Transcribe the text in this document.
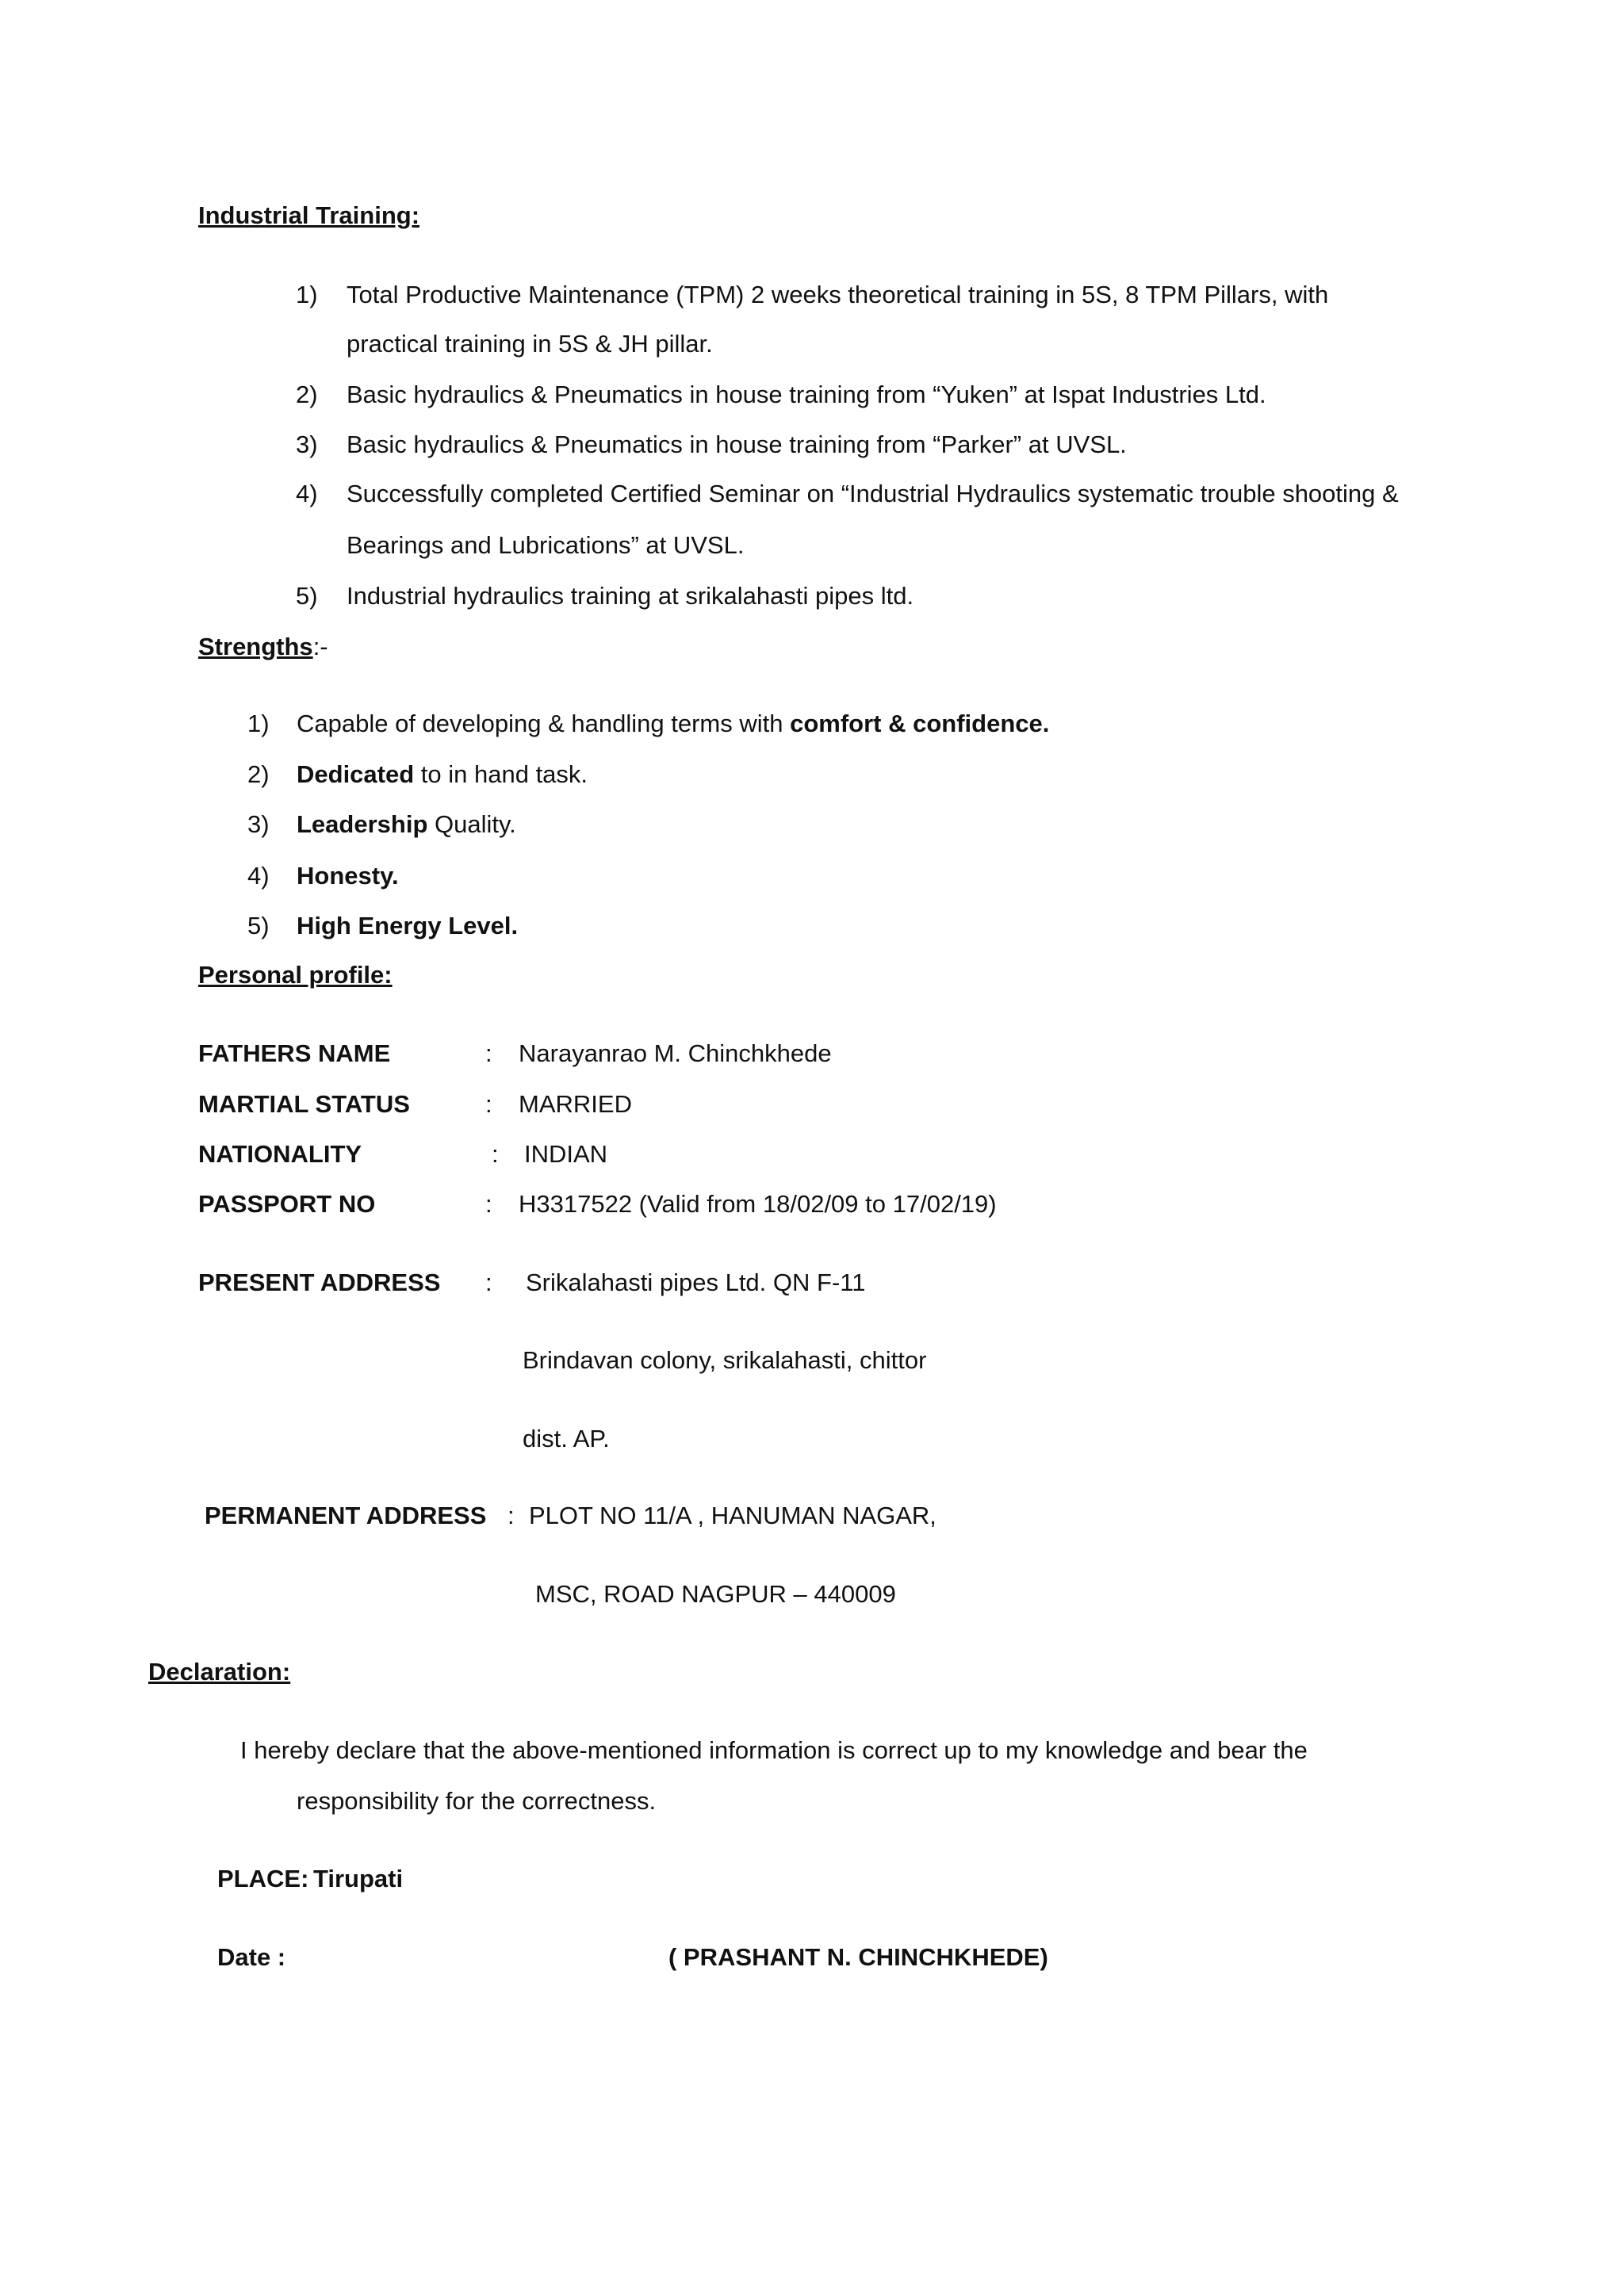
Industrial Training:
1) Total Productive Maintenance (TPM) 2 weeks theoretical training in 5S, 8 TPM Pillars, with
practical training in 5S & JH pillar.
2) Basic hydraulics & Pneumatics in house training from “Yuken” at Ispat Industries Ltd.
3) Basic hydraulics & Pneumatics in house training from “Parker” at UVSL.
4) Successfully completed Certified Seminar on “Industrial Hydraulics systematic trouble shooting &
Bearings and Lubrications” at UVSL.
5) Industrial hydraulics training at srikalahasti pipes ltd.
Strengths:-
1) Capable of developing & handling terms with comfort & confidence.
2) Dedicated to in hand task.
3) Leadership Quality.
4) Honesty.
5) High Energy Level.
Personal profile:
FATHERS NAME	: Narayanrao M. Chinchkhede
MARTIAL STATUS	: MARRIED
NATIONALITY	: INDIAN
PASSPORT NO	: H3317522 (Valid from 18/02/09 to 17/02/19)
PRESENT ADDRESS : Srikalahasti pipes Ltd. QN F-11
Brindavan colony, srikalahasti, chittor
dist. AP.
PERMANENT ADDRESS : PLOT NO 11/A , HANUMAN NAGAR,
MSC, ROAD NAGPUR – 440009
Declaration:
I hereby declare that the above-mentioned information is correct up to my knowledge and bear the
responsibility for the correctness.
PLACE: Tirupati
Date :	( PRASHANT N. CHINCHKHEDE)
